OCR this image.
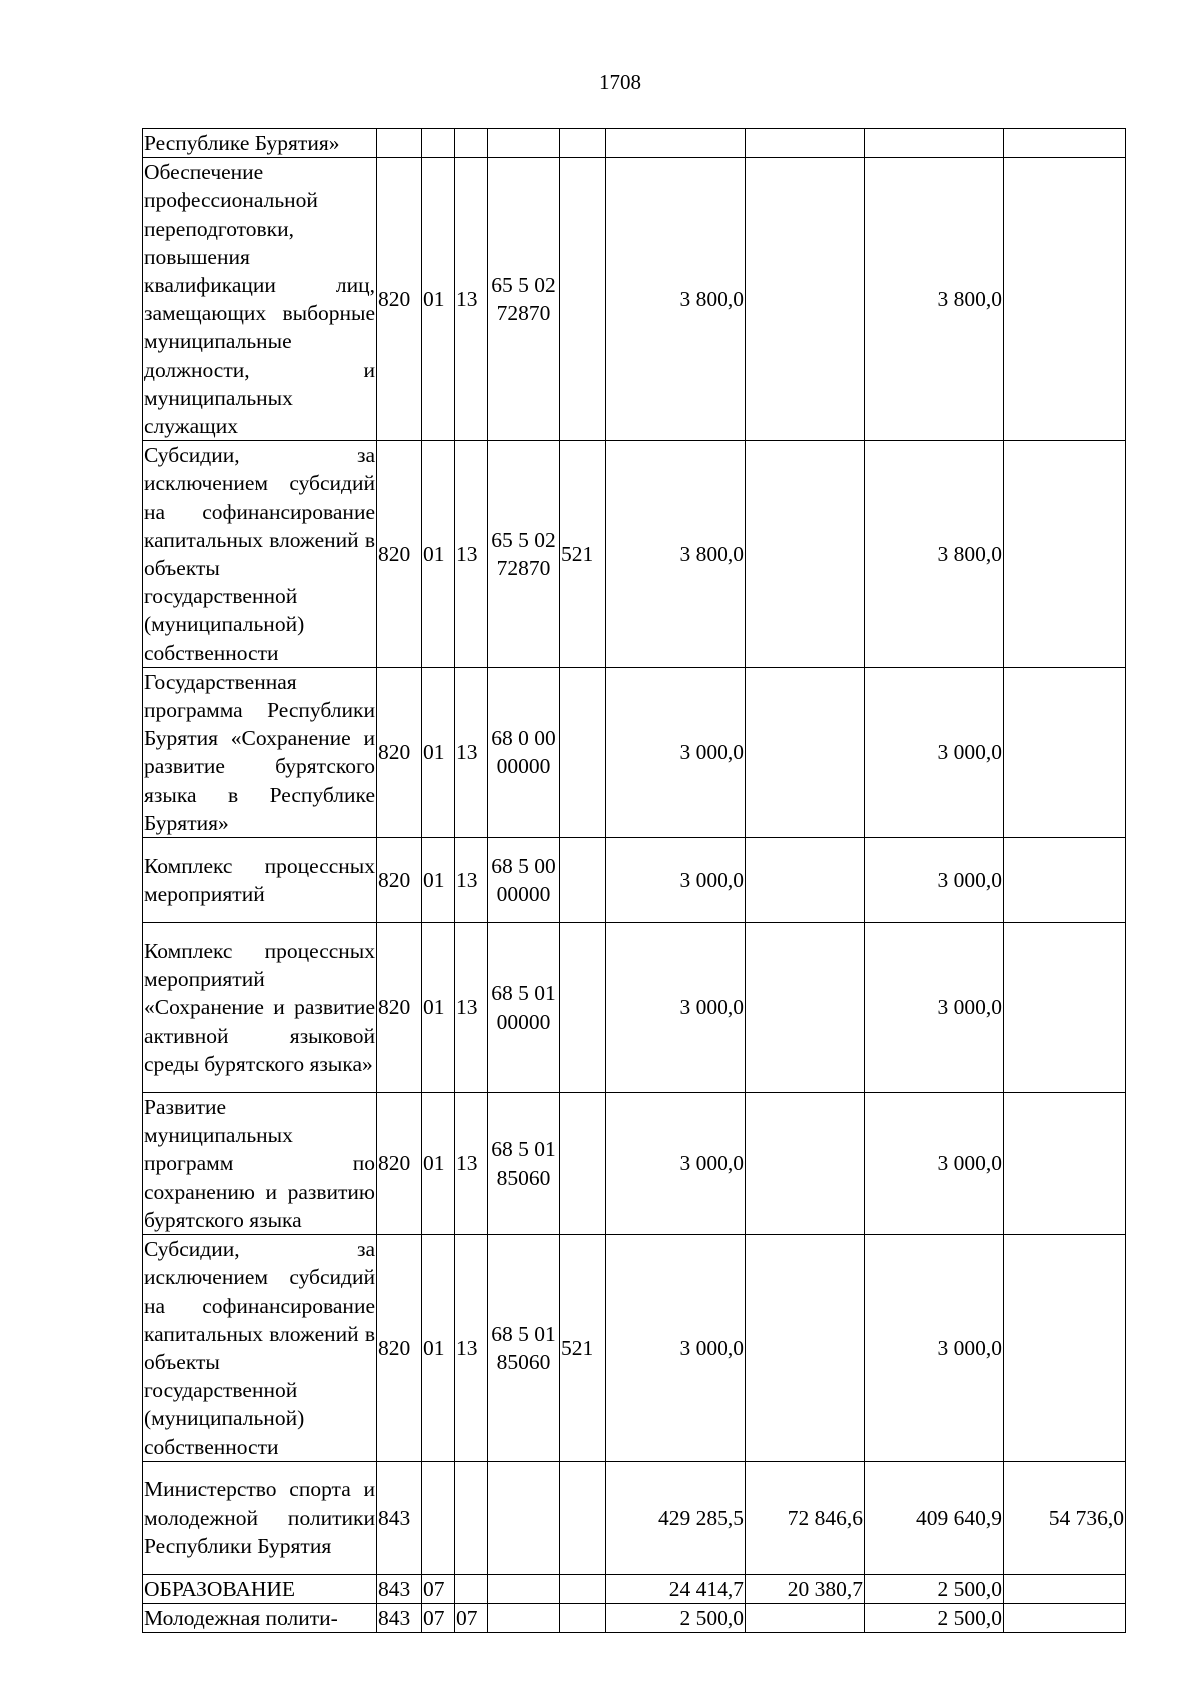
1708
Республике Бурятия»									
Обеспечение профессиональной переподготовки, повышения квалификации лиц, замещающих выборные муниципальные должности, и муниципальных служащих	820	01	13	65 5 02 72870		3 800,0		3 800,0	
Субсидии, за исключением субсидий на софинансирование капитальных вложений в объекты государственной (муниципальной) собственности	820	01	13	65 5 02 72870	521	3 800,0		3 800,0	
Государственная программа Республики Бурятия «Сохранение и развитие бурятского языка в Республике Бурятия»	820	01	13	68 0 00 00000		3 000,0		3 000,0	
Комплекс процессных мероприятий	820	01	13	68 5 00 00000		3 000,0		3 000,0	
Комплекс процессных мероприятий «Сохранение и развитие активной языковой среды бурятского языка»	820	01	13	68 5 01 00000		3 000,0		3 000,0	
Развитие муниципальных программ по сохранению и развитию бурятского языка	820	01	13	68 5 01 85060		3 000,0		3 000,0	
Субсидии, за исключением субсидий на софинансирование капитальных вложений в объекты государственной (муниципальной) собственности	820	01	13	68 5 01 85060	521	3 000,0		3 000,0	
Министерство спорта и молодежной политики Республики Бурятия	843					429 285,5	72 846,6	409 640,9	54 736,0
ОБРАЗОВАНИЕ	843	07				24 414,7	20 380,7	2 500,0	
Молодежная полити-	843	07	07			2 500,0		2 500,0	
